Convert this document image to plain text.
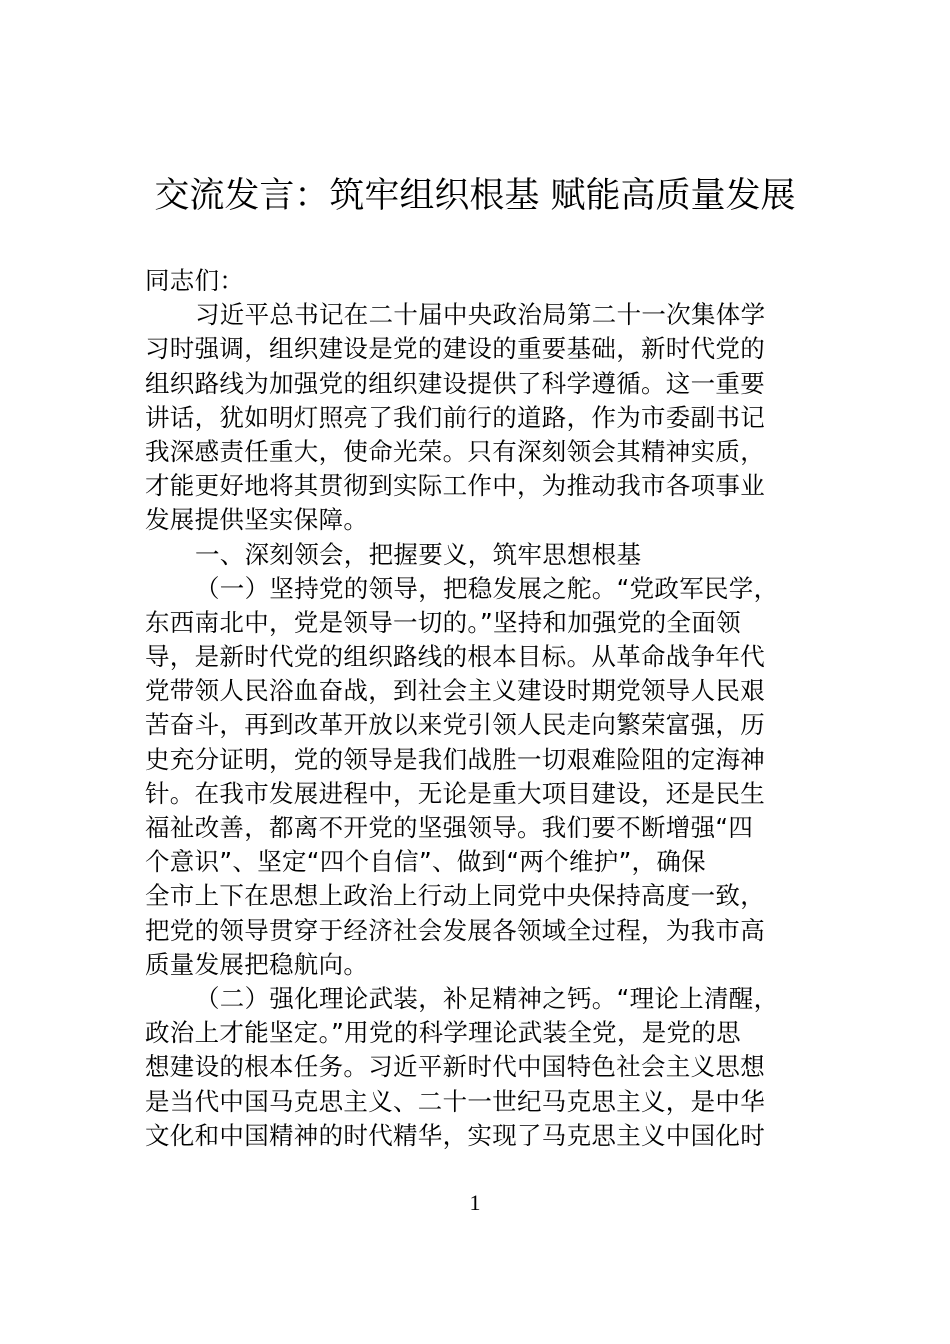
交流发言：筑牢组织根基 赋能高质量发展
同志们：
习近平总书记在二十届中央政治局第二十一次集体学
习时强调，组织建设是党的建设的重要基础，新时代党的
组织路线为加强党的组织建设提供了科学遵循。这一重要
讲话，犹如明灯照亮了我们前行的道路，作为市委副书记
我深感责任重大，使命光荣。只有深刻领会其精神实质，
才能更好地将其贯彻到实际工作中，为推动我市各项事业
发展提供坚实保障。
一、深刻领会，把握要义，筑牢思想根基
（一）坚持党的领导，把稳发展之舵。“党政军民学，
东西南北中，党是领导一切的。”坚持和加强党的全面领
导，是新时代党的组织路线的根本目标。从革命战争年代
党带领人民浴血奋战，到社会主义建设时期党领导人民艰
苦奋斗，再到改革开放以来党引领人民走向繁荣富强，历
史充分证明，党的领导是我们战胜一切艰难险阻的定海神
针。在我市发展进程中，无论是重大项目建设，还是民生
福祉改善，都离不开党的坚强领导。我们要不断增强“四
个意识”、坚定“四个自信”、做到“两个维护”，确保
全市上下在思想上政治上行动上同党中央保持高度一致，
把党的领导贯穿于经济社会发展各领域全过程，为我市高
质量发展把稳航向。
（二）强化理论武装，补足精神之钙。“理论上清醒，
政治上才能坚定。”用党的科学理论武装全党，是党的思
想建设的根本任务。习近平新时代中国特色社会主义思想
是当代中国马克思主义、二十一世纪马克思主义，是中华
文化和中国精神的时代精华，实现了马克思主义中国化时
1
